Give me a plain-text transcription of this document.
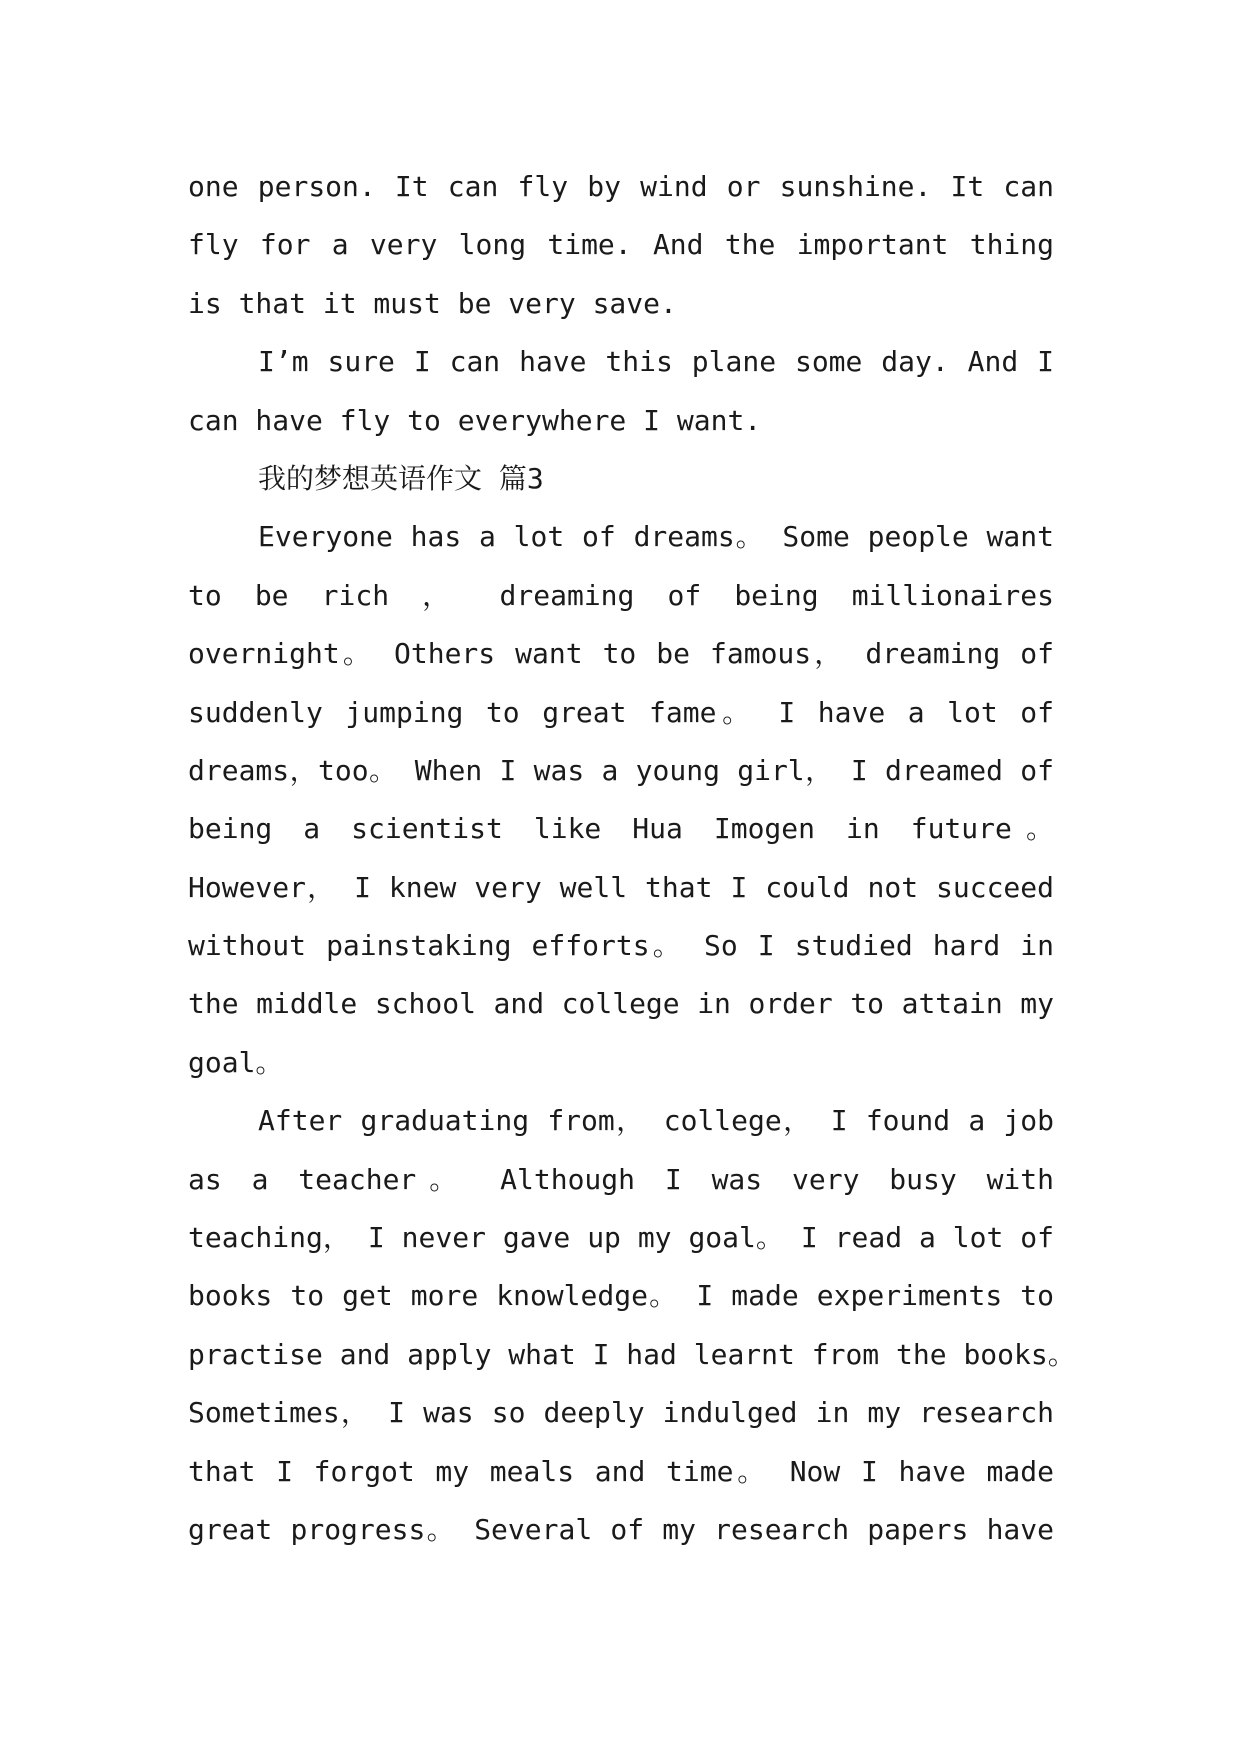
one person. It can fly by wind or sunshine. It can
fly for a very long time. And the important thing
is that it must be very save.
I’m sure I can have this plane some day. And I
can have fly to everywhere I want.
我的梦想英语作文 篇3
Everyone has a lot of dreams。 Some people want
to be rich ， dreaming of being millionaires
overnight。 Others want to be famous， dreaming of
suddenly jumping to great fame。 I have a lot of
dreams，too。 When I was a young girl， I dreamed of
being a scientist like Hua Imogen in future。
However， I knew very well that I could not succeed
without painstaking efforts。 So I studied hard in
the middle school and college in order to attain my
goal。
After graduating from， college， I found a job
as a teacher。 Although I was very busy with
teaching， I never gave up my goal。 I read a lot of
books to get more knowledge。 I made experiments to
practise and apply what I had learnt from the books。
Sometimes， I was so deeply indulged in my research
that I forgot my meals and time。 Now I have made
great progress。 Several of my research papers have
